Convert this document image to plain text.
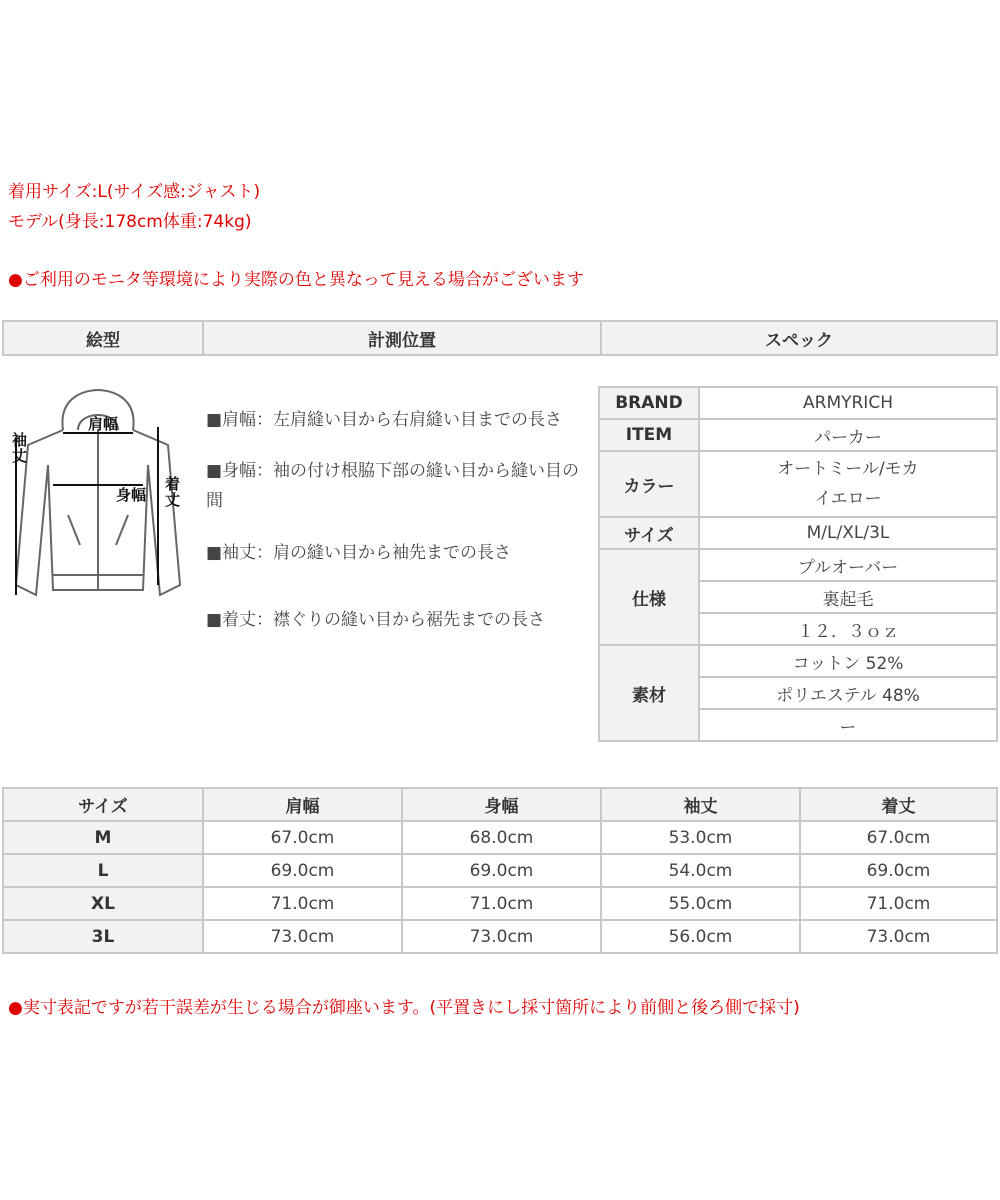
着用サイズ:L(サイズ感:ジャスト)
モデル(身長:178cm体重:74kg)
●ご利用のモニタ等環境により実際の色と異なって見える場合がございます
絵型	計測位置	スペック
肩幅
袖
丈
身幅
着
丈
■肩幅：左肩縫い目から右肩縫い目までの長さ
■身幅：袖の付け根脇下部の縫い目から縫い目の間
■袖丈：肩の縫い目から袖先までの長さ
■着丈：襟ぐりの縫い目から裾先までの長さ
BRAND	ARMYRICH
ITEM	パーカー
カラー	オートミール/モカ
イエロー

サイズ	M/L/XL/3L
仕様	プルオーバー
	裏起毛
	１２．３ｏｚ
素材	コットン 52%
	ポリエステル 48%
	ー
サイズ	肩幅	身幅	袖丈	着丈
M	67.0cm	68.0cm	53.0cm	67.0cm
L	69.0cm	69.0cm	54.0cm	69.0cm
XL	71.0cm	71.0cm	55.0cm	71.0cm
3L	73.0cm	73.0cm	56.0cm	73.0cm
●実寸表記ですが若干誤差が生じる場合が御座います。(平置きにし採寸箇所により前側と後ろ側で採寸)
